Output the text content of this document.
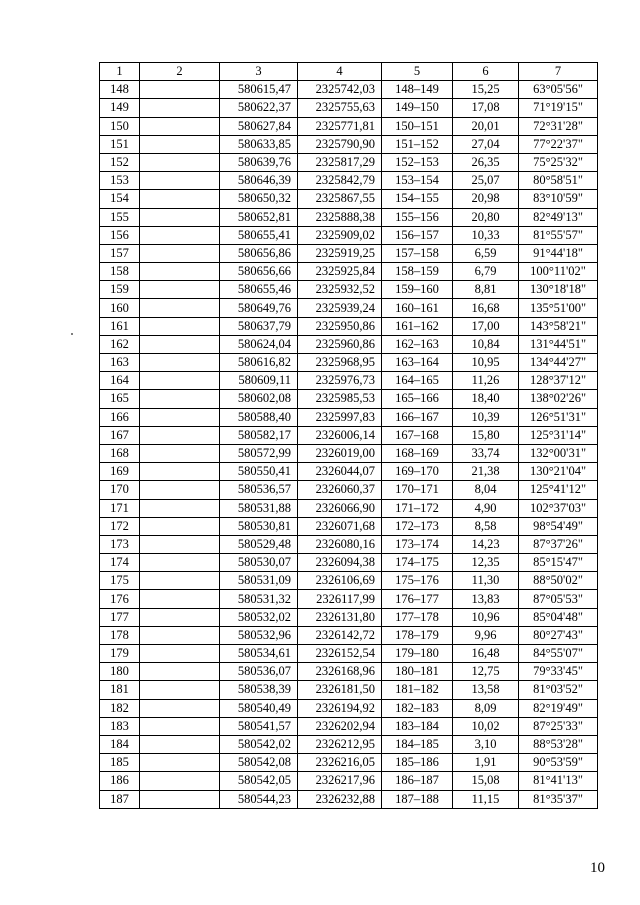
1	2	3	4	5	6	7
148		580615,47	2325742,03	148–149	15,25	63°05'56"
149		580622,37	2325755,63	149–150	17,08	71°19'15"
150		580627,84	2325771,81	150–151	20,01	72°31'28"
151		580633,85	2325790,90	151–152	27,04	77°22'37"
152		580639,76	2325817,29	152–153	26,35	75°25'32"
153		580646,39	2325842,79	153–154	25,07	80°58'51"
154		580650,32	2325867,55	154–155	20,98	83°10'59"
155		580652,81	2325888,38	155–156	20,80	82°49'13"
156		580655,41	2325909,02	156–157	10,33	81°55'57"
157		580656,86	2325919,25	157–158	6,59	91°44'18"
158		580656,66	2325925,84	158–159	6,79	100°11'02"
159		580655,46	2325932,52	159–160	8,81	130°18'18"
160		580649,76	2325939,24	160–161	16,68	135°51'00"
161		580637,79	2325950,86	161–162	17,00	143°58'21"
162		580624,04	2325960,86	162–163	10,84	131°44'51"
163		580616,82	2325968,95	163–164	10,95	134°44'27"
164		580609,11	2325976,73	164–165	11,26	128°37'12"
165		580602,08	2325985,53	165–166	18,40	138°02'26"
166		580588,40	2325997,83	166–167	10,39	126°51'31"
167		580582,17	2326006,14	167–168	15,80	125°31'14"
168		580572,99	2326019,00	168–169	33,74	132°00'31"
169		580550,41	2326044,07	169–170	21,38	130°21'04"
170		580536,57	2326060,37	170–171	8,04	125°41'12"
171		580531,88	2326066,90	171–172	4,90	102°37'03"
172		580530,81	2326071,68	172–173	8,58	98°54'49"
173		580529,48	2326080,16	173–174	14,23	87°37'26"
174		580530,07	2326094,38	174–175	12,35	85°15'47"
175		580531,09	2326106,69	175–176	11,30	88°50'02"
176		580531,32	2326117,99	176–177	13,83	87°05'53"
177		580532,02	2326131,80	177–178	10,96	85°04'48"
178		580532,96	2326142,72	178–179	9,96	80°27'43"
179		580534,61	2326152,54	179–180	16,48	84°55'07"
180		580536,07	2326168,96	180–181	12,75	79°33'45"
181		580538,39	2326181,50	181–182	13,58	81°03'52"
182		580540,49	2326194,92	182–183	8,09	82°19'49"
183		580541,57	2326202,94	183–184	10,02	87°25'33"
184		580542,02	2326212,95	184–185	3,10	88°53'28"
185		580542,08	2326216,05	185–186	1,91	90°53'59"
186		580542,05	2326217,96	186–187	15,08	81°41'13"
187		580544,23	2326232,88	187–188	11,15	81°35'37"
10
